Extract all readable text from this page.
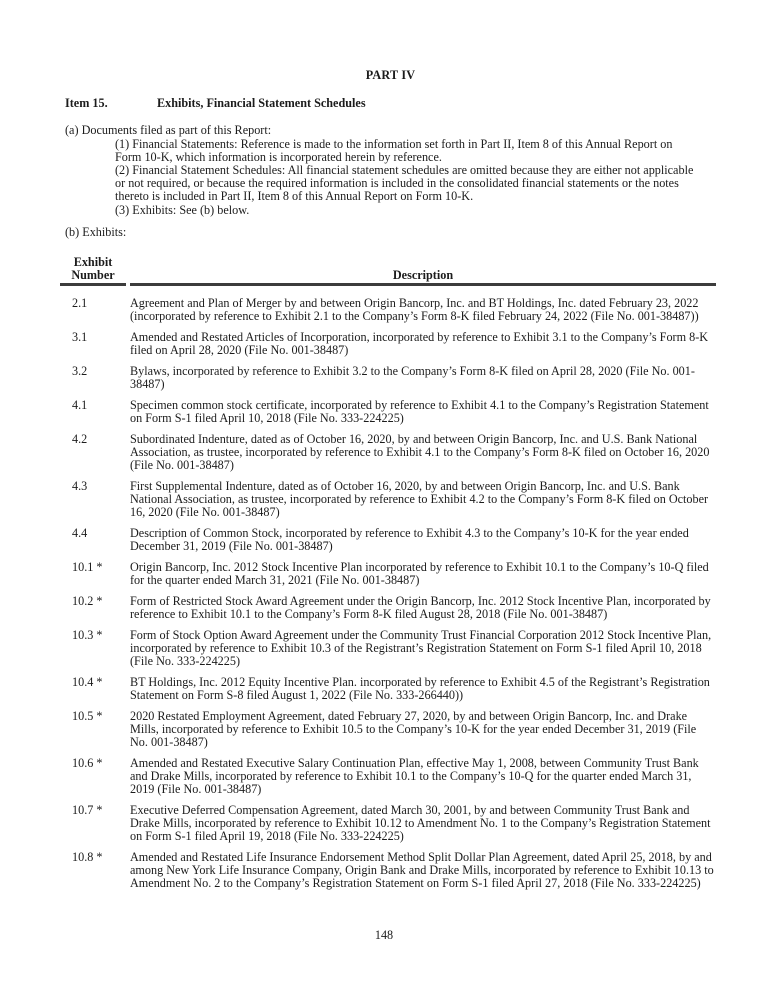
PART IV
Item 15.	Exhibits, Financial Statement Schedules
(a) Documents filed as part of this Report:

(1) Financial Statements: Reference is made to the information set forth in Part II, Item 8 of this Annual Report on Form 10-K, which information is incorporated herein by reference.

(2) Financial Statement Schedules: All financial statement schedules are omitted because they are either not applicable or not required, or because the required information is included in the consolidated financial statements or the notes thereto is included in Part II, Item 8 of this Annual Report on Form 10-K.

(3) Exhibits: See (b) below.

(b) Exhibits:
Exhibit
Number		Description
2.1		Agreement and Plan of Merger by and between Origin Bancorp, Inc. and BT Holdings, Inc. dated February 23, 2022 (incorporated by reference to Exhibit 2.1 to the Company’s Form 8-K filed February 24, 2022 (File No. 001-38487))
3.1		Amended and Restated Articles of Incorporation, incorporated by reference to Exhibit 3.1 to the Company’s Form 8-K filed on April 28, 2020 (File No. 001-38487)
3.2		Bylaws, incorporated by reference to Exhibit 3.2 to the Company’s Form 8-K filed on April 28, 2020 (File No. 001-38487)
4.1		Specimen common stock certificate, incorporated by reference to Exhibit 4.1 to the Company’s Registration Statement on Form S-1 filed April 10, 2018 (File No. 333-224225)
4.2		Subordinated Indenture, dated as of October 16, 2020, by and between Origin Bancorp, Inc. and U.S. Bank National Association, as trustee, incorporated by reference to Exhibit 4.1 to the Company’s Form 8-K filed on October 16, 2020 (File No. 001-38487)
4.3		First Supplemental Indenture, dated as of October 16, 2020, by and between Origin Bancorp, Inc. and U.S. Bank National Association, as trustee, incorporated by reference to Exhibit 4.2 to the Company’s Form 8-K filed on October 16, 2020 (File No. 001-38487)
4.4		Description of Common Stock, incorporated by reference to Exhibit 4.3 to the Company’s 10-K for the year ended December 31, 2019 (File No. 001-38487)
10.1 *		Origin Bancorp, Inc. 2012 Stock Incentive Plan incorporated by reference to Exhibit 10.1 to the Company’s 10-Q filed for the quarter ended March 31, 2021 (File No. 001-38487)
10.2 *		Form of Restricted Stock Award Agreement under the Origin Bancorp, Inc. 2012 Stock Incentive Plan, incorporated by reference to Exhibit 10.1 to the Company’s Form 8-K filed August 28, 2018 (File No. 001-38487)
10.3 *		Form of Stock Option Award Agreement under the Community Trust Financial Corporation 2012 Stock Incentive Plan, incorporated by reference to Exhibit 10.3 of the Registrant’s Registration Statement on Form S-1 filed April 10, 2018 (File No. 333-224225)
10.4 *		BT Holdings, Inc. 2012 Equity Incentive Plan. incorporated by reference to Exhibit 4.5 of the Registrant’s Registration Statement on Form S-8 filed August 1, 2022 (File No. 333-266440))
10.5 *		2020 Restated Employment Agreement, dated February 27, 2020, by and between Origin Bancorp, Inc. and Drake Mills, incorporated by reference to Exhibit 10.5 to the Company’s 10-K for the year ended December 31, 2019 (File No. 001-38487)
10.6 *		Amended and Restated Executive Salary Continuation Plan, effective May 1, 2008, between Community Trust Bank and Drake Mills, incorporated by reference to Exhibit 10.1 to the Company’s 10-Q for the quarter ended March 31, 2019 (File No. 001-38487)
10.7 *		Executive Deferred Compensation Agreement, dated March 30, 2001, by and between Community Trust Bank and Drake Mills, incorporated by reference to Exhibit 10.12 to Amendment No. 1 to the Company’s Registration Statement on Form S-1 filed April 19, 2018 (File No. 333-224225)
10.8 *		Amended and Restated Life Insurance Endorsement Method Split Dollar Plan Agreement, dated April 25, 2018, by and among New York Life Insurance Company, Origin Bank and Drake Mills, incorporated by reference to Exhibit 10.13 to Amendment No. 2 to the Company’s Registration Statement on Form S-1 filed April 27, 2018 (File No. 333-224225)
148
